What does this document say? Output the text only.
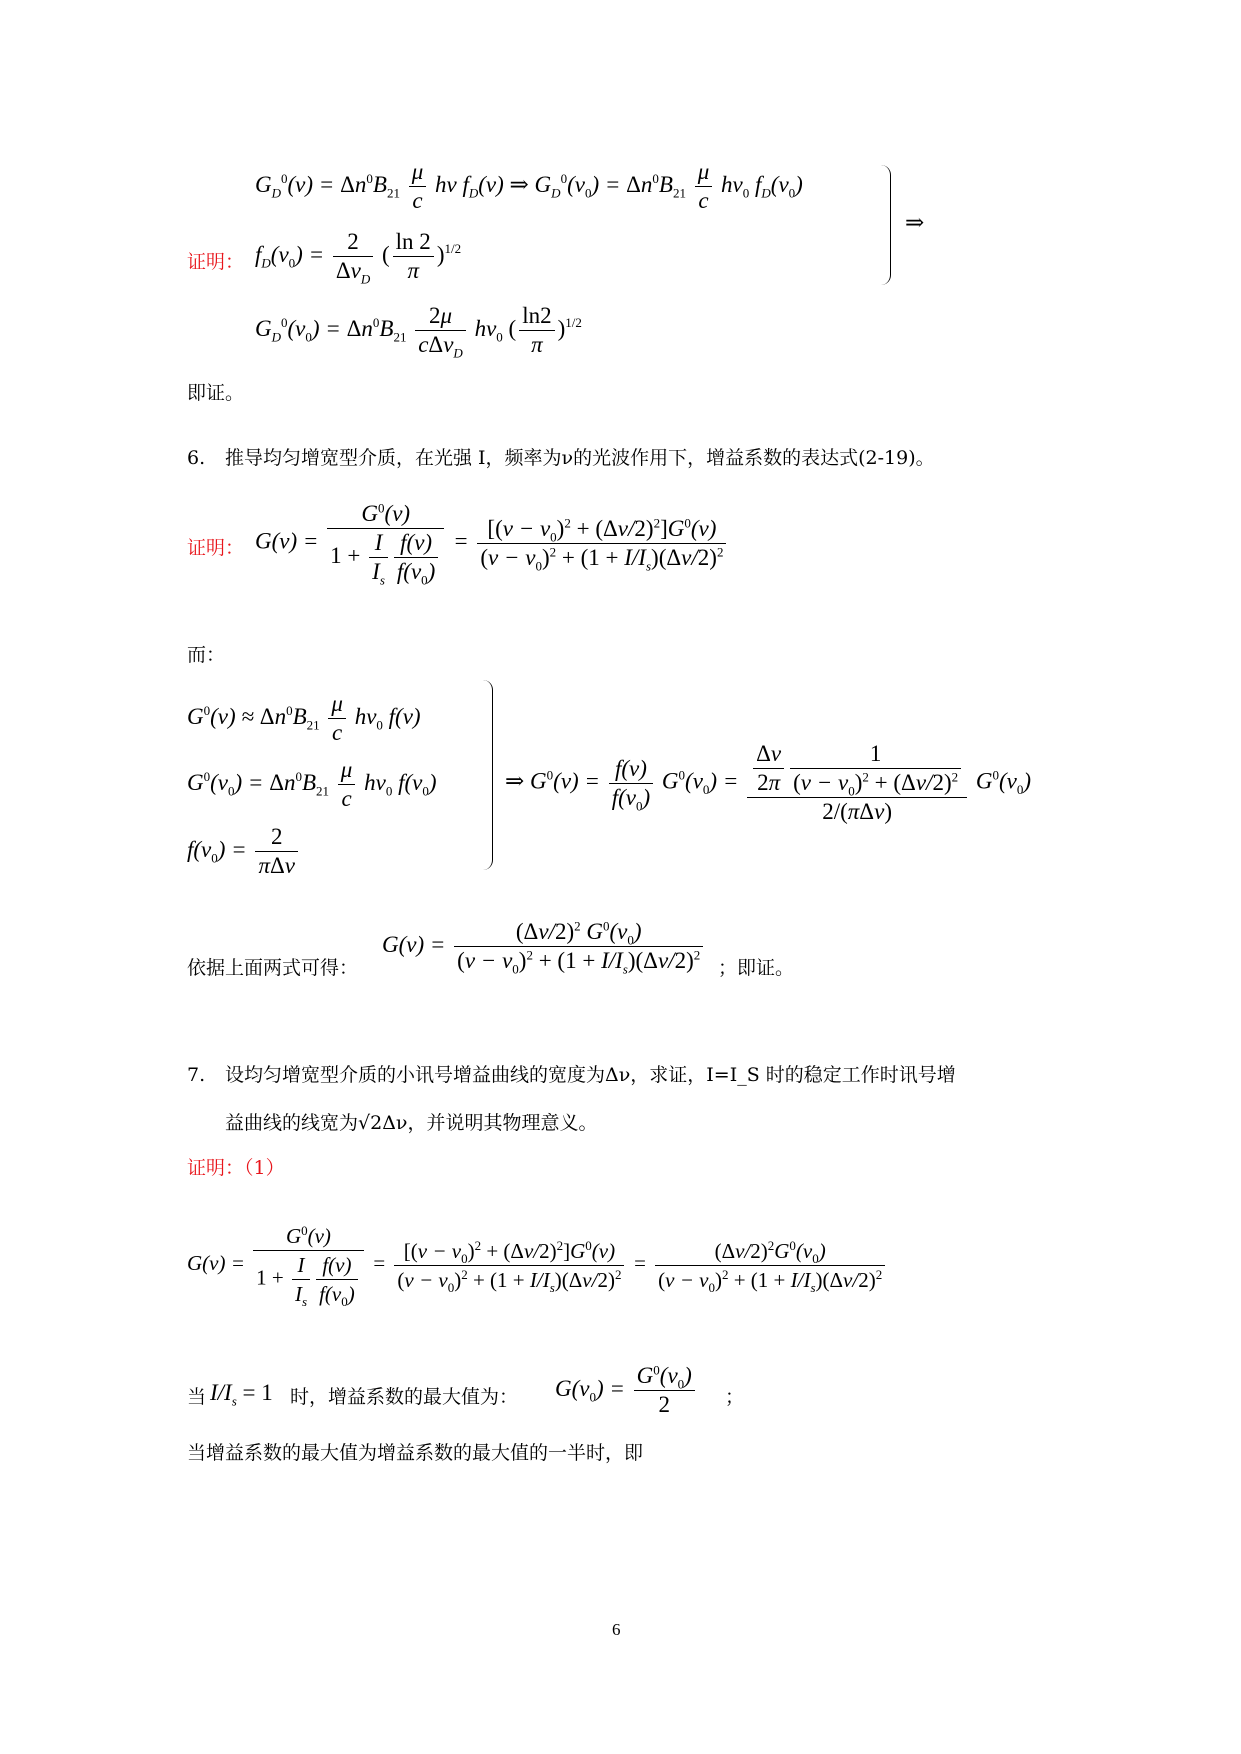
$G_D^0(\nu) = \Delta n^0B_{21} \frac{\mu}{c}$ hν $f_D(\nu)$ ⇒ $G_D^0(\nu_0) = \Delta n^0B_{21} \frac{\mu}{c} h\nu_0$ $f_D(\nu_0)$
证明： $f_D(\nu_0) = \frac{2}{\Delta\nu_D}$ ( $\frac{\ln 2}{\pi} )^{1/2}$
$G_D^0(\nu_0) = \Delta n^0B_{21} \frac{2\mu}{c\Delta\nu_D} h\nu_0$ ( $\frac{\ln 2}{\pi} )^{1/2}$
⇒
即证。
6. 推导均匀增宽型介质，在光强 I，频率为ν的光波作用下，增益系数的表达式(2-19)。
证明： $G(\nu) = \frac{G^0(\nu)}{1 + \frac{I}{I_s} \frac{f(\nu)}{f(\nu_0)}} = \frac{[(\nu - \nu_0)^2 + (\Delta\nu/2)^2]G^0(\nu)}{(\nu - \nu_0)^2 + (1 + I/I_s)(\Delta\nu/2)^2}$
而：
$G^0(\nu) \approx \Delta n^0B_{21} \frac{\mu}{c} h\nu_0$ f(ν)
$G^0(\nu_0) = \Delta n^0B_{21} \frac{\mu}{c} h\nu_0$ $f(\nu_0)$
$f(\nu_0) = \frac{2}{\text{πΔν}}$
⇒ $G^0(\nu) = \frac{f(\nu)}{f(\nu_0)} G^0(\nu_0) = \frac{\frac{\Delta\nu}{2\pi} \frac{1}{(\nu - \nu_0)^2 + (\Delta\nu/2)^2}}{\text{2/(πΔν)}} G^0(\nu_0)$
依据上面两式可得：
$G(\nu) = \frac{(\Delta\nu/2)^2 G^0(\nu_0)}{(\nu - \nu_0)^2 + (1 + I/I_s)(\Delta\nu/2)^2}$ ；即证。
7. 设均匀增宽型介质的小讯号增益曲线的宽度为Δν，求证，I=I_S 时的稳定工作时讯号增
益曲线的线宽为√2Δν，并说明其物理意义。
证明：（1）
$G(\nu) = \frac{G^0(\nu)}{1 + \frac{I}{I_s} \frac{f(\nu)}{f(\nu_0)}} = \frac{[(\nu - \nu_0)^2 + (\Delta\nu/2)^2]G^0(\nu)}{(\nu - \nu_0)^2 + (1 + I/I_s)(\Delta\nu/2)^2} = \frac{(\Delta\nu/2)^2G^0(\nu_0)}{(\nu - \nu_0)^2 + (1 + I/I_s)(\Delta\nu/2)^2}$
当 $I/I_s = 1$ 时，增益系数的最大值为： $G(\nu_0) = \frac{G^0(\nu_0)}{2}$ ；
当增益系数的最大值为增益系数的最大值的一半时，即
6
